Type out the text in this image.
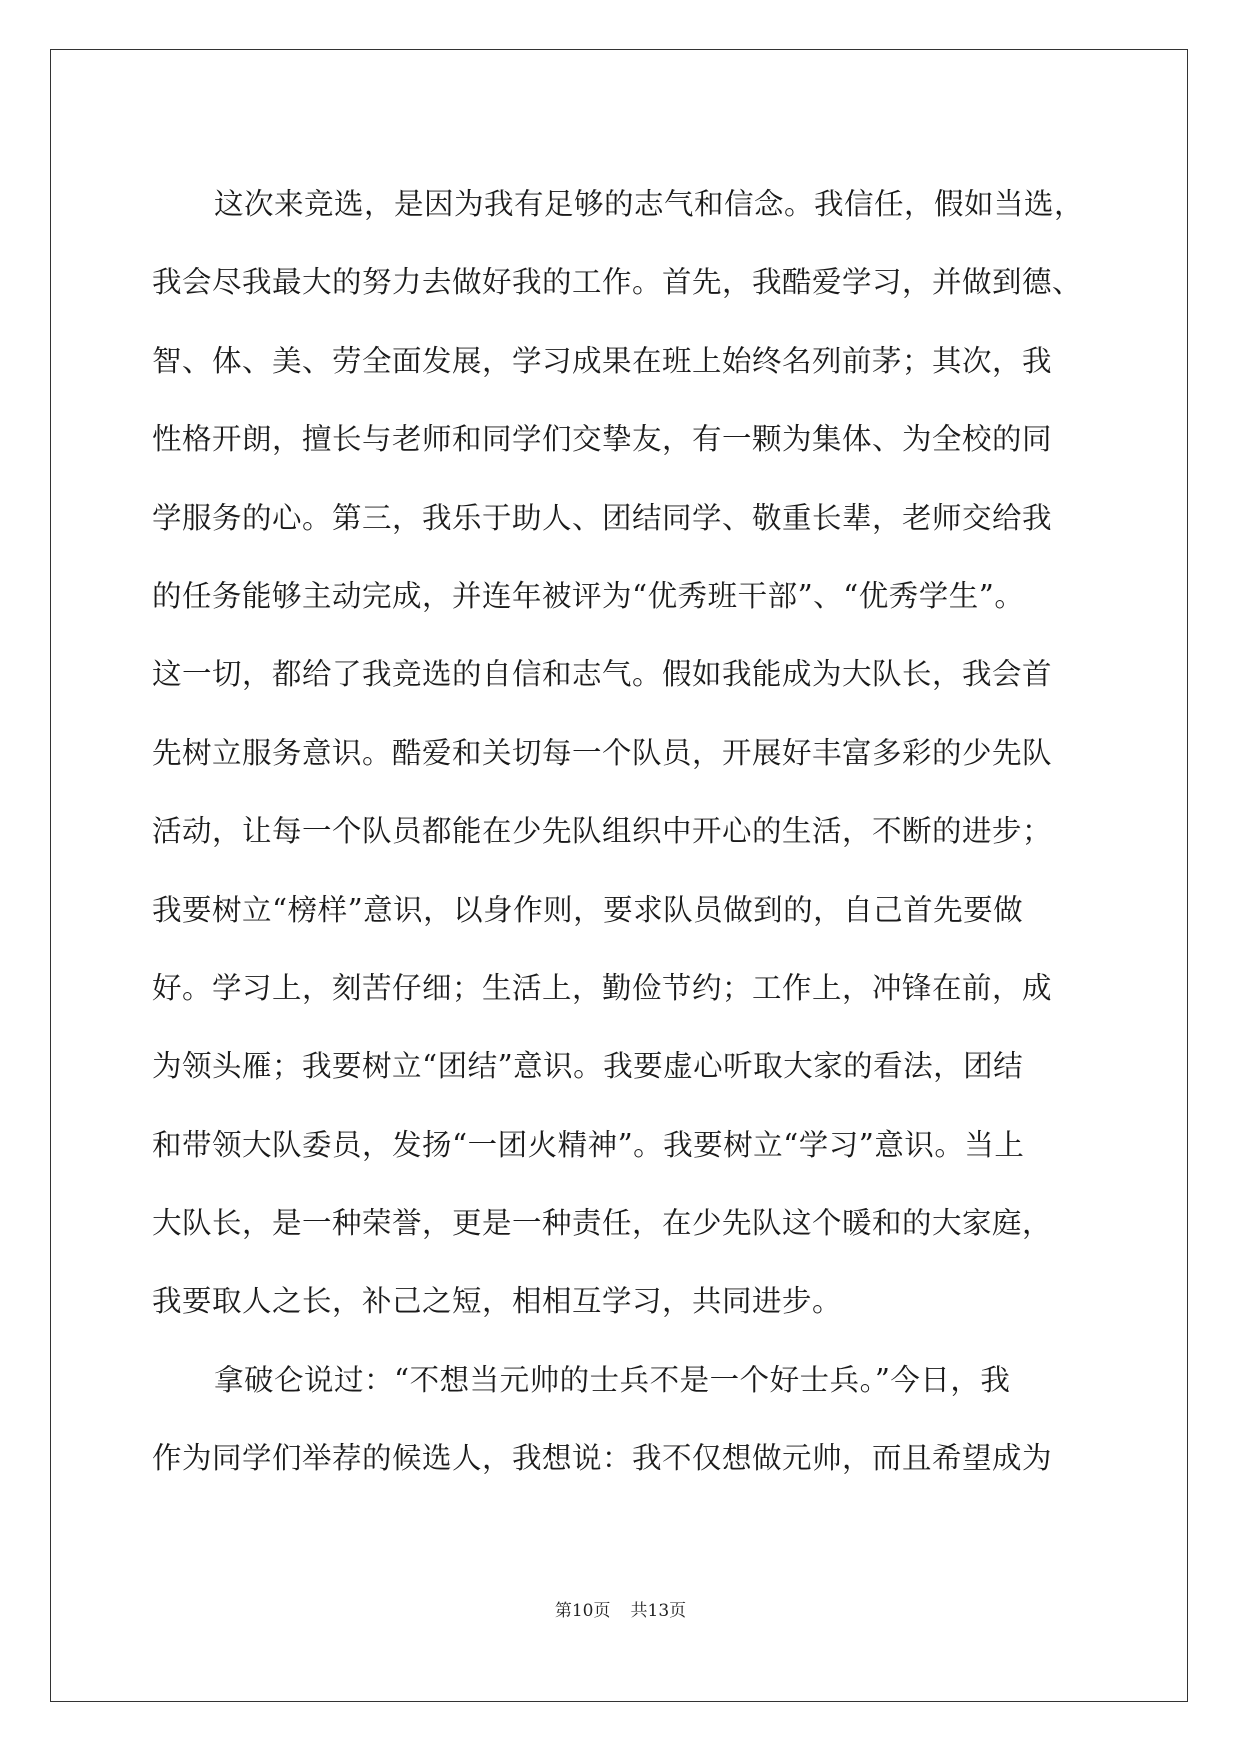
这次来竞选，是因为我有足够的志气和信念。我信任，假如当选，
我会尽我最大的努力去做好我的工作。首先，我酷爱学习，并做到德、
智、体、美、劳全面发展，学习成果在班上始终名列前茅；其次，我
性格开朗，擅长与老师和同学们交挚友，有一颗为集体、为全校的同
学服务的心。第三，我乐于助人、团结同学、敬重长辈，老师交给我
的任务能够主动完成，并连年被评为“优秀班干部”、“优秀学生”。
这一切，都给了我竞选的自信和志气。假如我能成为大队长，我会首
先树立服务意识。酷爱和关切每一个队员，开展好丰富多彩的少先队
活动，让每一个队员都能在少先队组织中开心的生活，不断的进步；
我要树立“榜样”意识，以身作则，要求队员做到的，自己首先要做
好。学习上，刻苦仔细；生活上，勤俭节约；工作上，冲锋在前，成
为领头雁；我要树立“团结”意识。我要虚心听取大家的看法，团结
和带领大队委员，发扬“一团火精神”。我要树立“学习”意识。当上
大队长，是一种荣誉，更是一种责任，在少先队这个暖和的大家庭，
我要取人之长，补己之短，相相互学习，共同进步。
拿破仑说过：“不想当元帅的士兵不是一个好士兵。”今日，我
作为同学们举荐的候选人，我想说：我不仅想做元帅，而且希望成为
第10页 共13页
